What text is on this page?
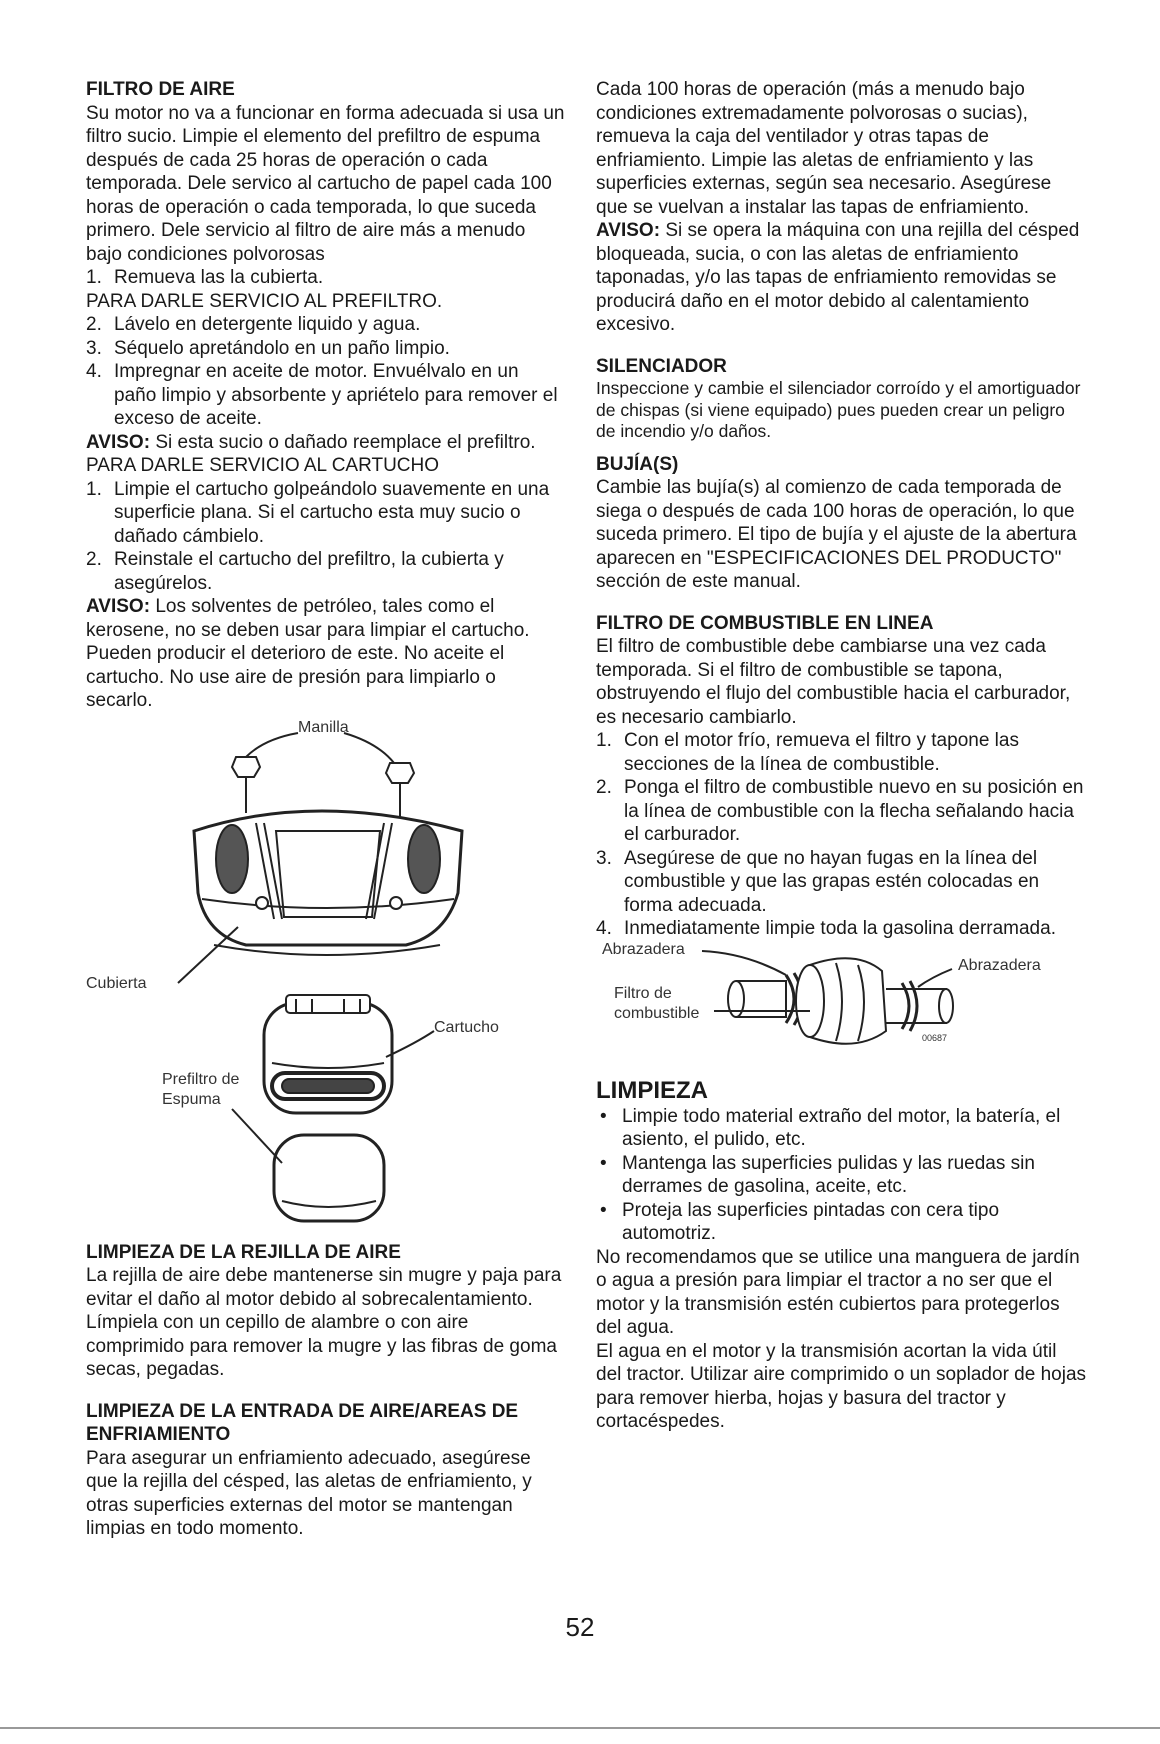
FILTRO DE AIRE

Su motor no va a funcionar en forma adecuada si usa un filtro sucio. Limpie el elemento del prefiltro de espuma después de cada 25 horas de operación o cada temporada. Dele servico al cartucho de papel cada 100 horas de operación o cada temporada, lo que suceda primero. Dele servicio al filtro de aire más a menudo bajo condiciones polvorosas

1. Remueva las la cubierta.

PARA DARLE SERVICIO AL PREFILTRO.

2. Lávelo en detergente liquido y agua.
3. Séquelo apretándolo en un paño limpio.
4. Impregnar en aceite de motor. Envuélvalo en un paño limpio y absorbente y apriételo para remover el exceso de aceite.

AVISO: Si esta sucio o dañado reemplace el prefiltro.

PARA DARLE SERVICIO AL CARTUCHO

1. Limpie el cartucho golpeándolo suavemente en una superficie plana. Si el cartucho esta muy sucio o dañado cámbielo.
2. Reinstale el cartucho del prefiltro, la cubierta y asegúrelos.

AVISO: Los solventes de petróleo, tales como el kerosene, no se deben usar para limpiar el cartucho. Pueden producir el deterioro de este. No aceite el cartucho. No use aire de presión para limpiarlo o secarlo.

Manilla
Cubierta
Cartucho
Prefiltro de
Espuma
LIMPIEZA DE LA REJILLA DE AIRE

La rejilla de aire debe mantenerse sin mugre y paja para evitar el daño al motor debido al sobrecalentamiento. Límpiela con un cepillo de alambre o con aire comprimido para remover la mugre y las fibras de goma secas, pegadas.

LIMPIEZA DE LA ENTRADA DE AIRE/AREAS DE ENFRIAMIENTO

Para asegurar un enfriamiento adecuado, asegúrese que la rejilla del césped, las aletas de enfriamiento, y otras superficies externas del motor se mantengan limpias en todo momento.

Cada 100 horas de operación (más a menudo bajo condiciones extremadamente polvorosas o sucias), remueva la caja del ventilador y otras tapas de enfriamiento. Limpie las aletas de enfriamiento y las superficies externas, según sea necesario. Asegúrese que se vuelvan a instalar las tapas de enfriamiento.

AVISO: Si se opera la máquina con una rejilla del césped bloqueada, sucia, o con las aletas de enfriamiento taponadas, y/o las tapas de enfriamiento removidas se producirá daño en el motor debido al calentamiento excesivo.

SILENCIADOR

Inspeccione y cambie el silenciador corroído y el amortiguador de chispas (si viene equipado) pues pueden crear un peligro de incendio y/o daños.

BUJÍA(S)

Cambie las bujía(s) al comienzo de cada temporada de siega o después de cada 100 horas de operación, lo que suceda primero. El tipo de bujía y el ajuste de la abertura aparecen en "ESPECIFICACIONES DEL PRODUCTO" sección de este manual.

FILTRO DE COMBUSTIBLE EN LINEA

El filtro de combustible debe cambiarse una vez cada temporada. Si el filtro de combustible se tapona, obstruyendo el flujo del combustible hacia el carburador, es necesario cambiarlo.

1. Con el motor frío, remueva el filtro y tapone las secciones de la línea de combustible.
2. Ponga el filtro de combustible nuevo en su posición en la línea de combustible con la flecha señalando hacia el carburador.
3. Asegúrese de que no hayan fugas en la línea del combustible y que las grapas estén colocadas en forma adecuada.
4. Inmediatamente limpie toda la gasolina derramada.
Abrazadera
Abrazadera
Filtro de
combustible
00687
LIMPIEZA
• Limpie todo material extraño del motor, la batería, el asiento, el pulido, etc.
• Mantenga las superficies pulidas y las ruedas sin derrames de gasolina, aceite, etc.
• Proteja las superficies pintadas con cera tipo automotriz.

No recomendamos que se utilice una manguera de jardín o agua a presión para limpiar el tractor a no ser que el motor y la transmisión estén cubiertos para protegerlos del agua.

El agua en el motor y la transmisión acortan la vida útil del tractor. Utilizar aire comprimido o un soplador de hojas para remover hierba, hojas y basura del tractor y cortacéspedes.

52
